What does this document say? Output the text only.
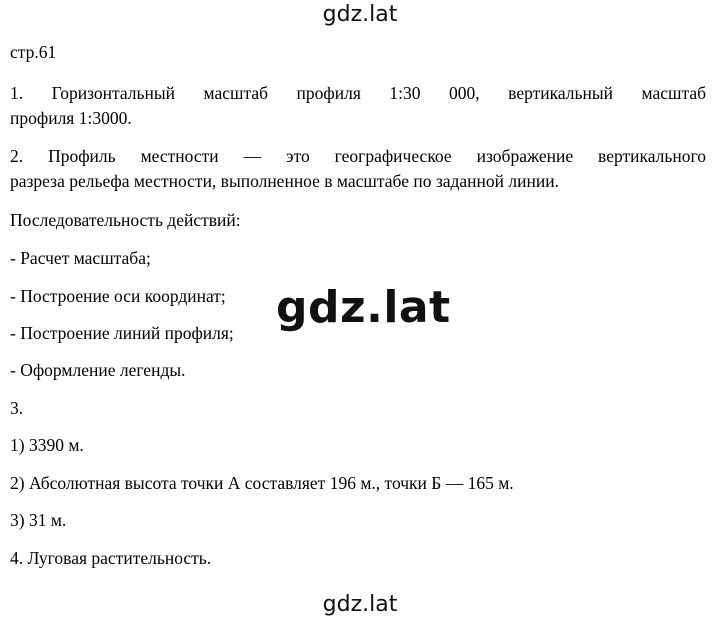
gdz.lat
стр.61
1. Горизонтальный масштаб профиля 1:30 000, вертикальный масштаб
профиля 1:3000.
2. Профиль местности — это географическое изображение вертикального
разреза рельефа местности, выполненное в масштабе по заданной линии.
Последовательность действий:
- Расчет масштаба;
- Построение оси координат;
- Построение линий профиля;
- Оформление легенды.
3.
1) 3390 м.
2) Абсолютная высота точки А составляет 196 м., точки Б — 165 м.
3) 31 м.
4. Луговая растительность.
gdz.lat
gdz.lat
